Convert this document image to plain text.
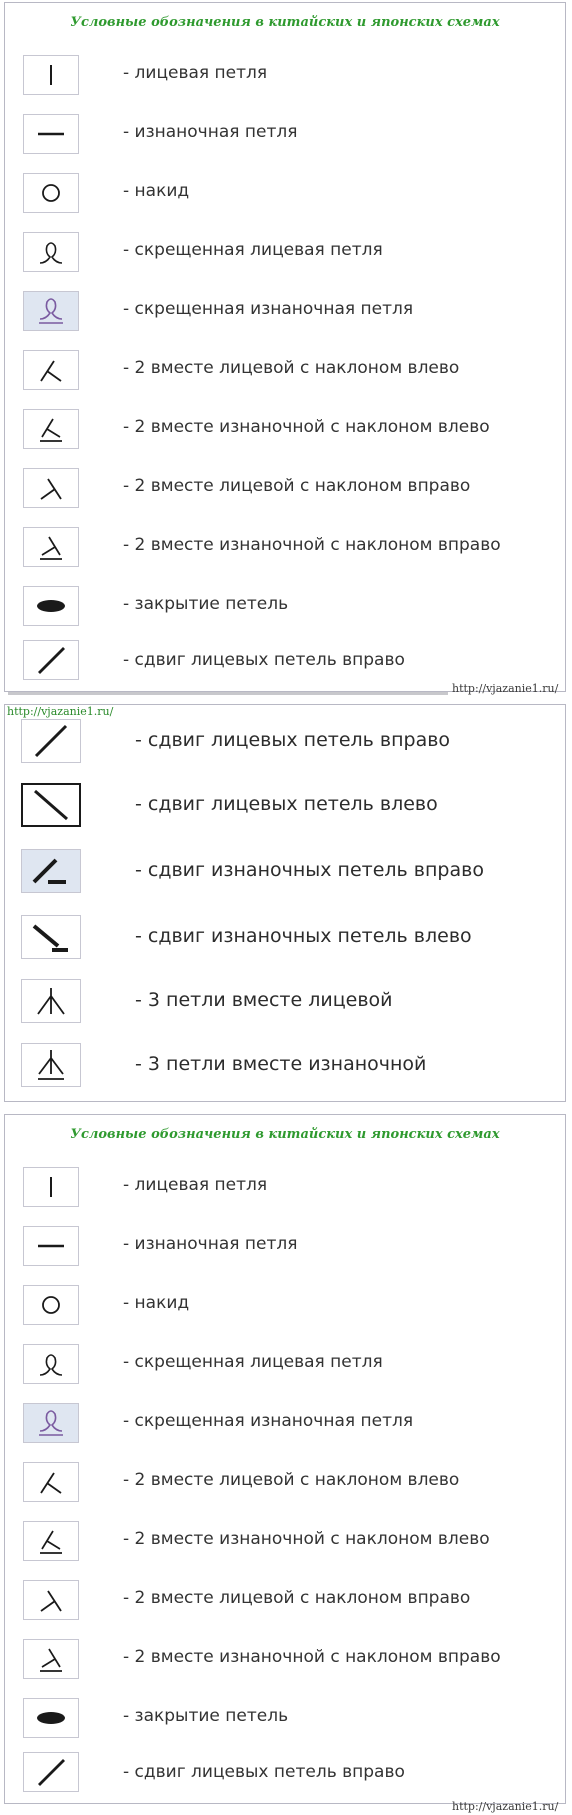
Условные обозначения в китайских и японских схемах
- лицевая петля
- изнаночная петля
- накид
- скрещенная лицевая петля
- скрещенная изнаночная петля
- 2 вместе лицевой с наклоном влево
- 2 вместе изнаночной с наклоном влево
- 2 вместе лицевой с наклоном вправо
- 2 вместе изнаночной с наклоном вправо
- закрытие петель
- сдвиг лицевых петель вправо
http://vjazanie1.ru/
http://vjazanie1.ru/
- сдвиг лицевых петель вправо
- сдвиг лицевых петель влево
- сдвиг изнаночных петель вправо
- сдвиг изнаночных петель влево
- 3 петли вместе лицевой
- 3 петли вместе изнаночной
Условные обозначения в китайских и японских схемах
- лицевая петля
- изнаночная петля
- накид
- скрещенная лицевая петля
- скрещенная изнаночная петля
- 2 вместе лицевой с наклоном влево
- 2 вместе изнаночной с наклоном влево
- 2 вместе лицевой с наклоном вправо
- 2 вместе изнаночной с наклоном вправо
- закрытие петель
- сдвиг лицевых петель вправо
http://vjazanie1.ru/
